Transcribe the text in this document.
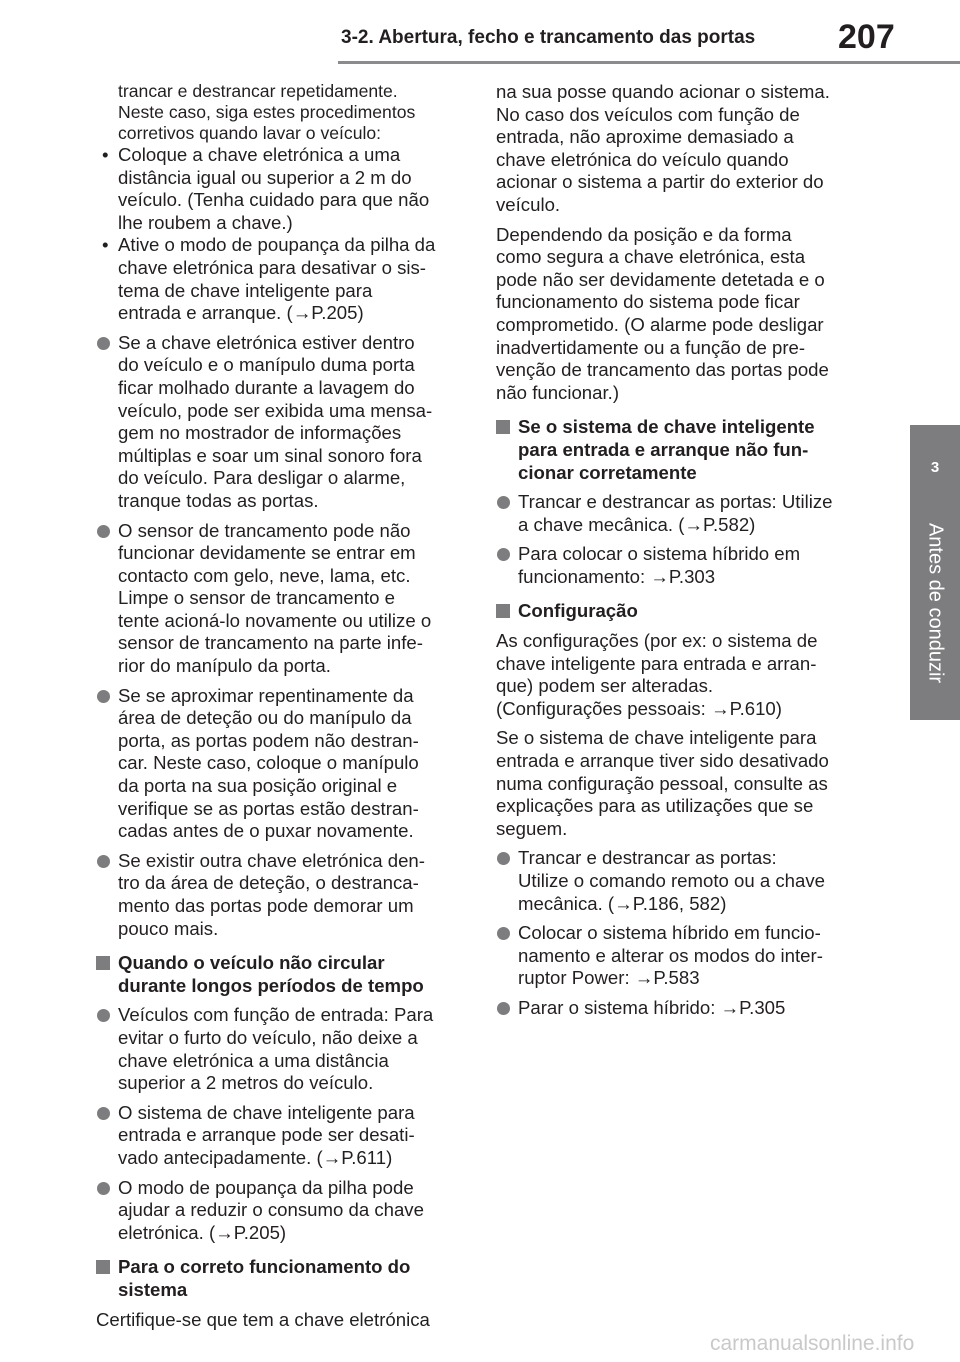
3-2. Abertura, fecho e trancamento das portas 207
3
Antes de conduzir
trancar e destrancar repetidamente.
Neste caso, siga estes procedimentos
corretivos quando lavar o veículo:
• Coloque a chave eletrónica a uma
distância igual ou superior a 2 m do
veículo. (Tenha cuidado para que não
lhe roubem a chave.)
• Ative o modo de poupança da pilha da
chave eletrónica para desativar o sis-
tema de chave inteligente para
entrada e arranque. (→P.205)
Se a chave eletrónica estiver dentro
do veículo e o manípulo duma porta
ficar molhado durante a lavagem do
veículo, pode ser exibida uma mensa-
gem no mostrador de informações
múltiplas e soar um sinal sonoro fora
do veículo. Para desligar o alarme,
tranque todas as portas.
O sensor de trancamento pode não
funcionar devidamente se entrar em
contacto com gelo, neve, lama, etc.
Limpe o sensor de trancamento e
tente acioná-lo novamente ou utilize o
sensor de trancamento na parte infe-
rior do manípulo da porta.
Se se aproximar repentinamente da
área de deteção ou do manípulo da
porta, as portas podem não destran-
car. Neste caso, coloque o manípulo
da porta na sua posição original e
verifique se as portas estão destran-
cadas antes de o puxar novamente.
Se existir outra chave eletrónica den-
tro da área de deteção, o destranca-
mento das portas pode demorar um
pouco mais.
Quando o veículo não circular
durante longos períodos de tempo
Veículos com função de entrada: Para
evitar o furto do veículo, não deixe a
chave eletrónica a uma distância
superior a 2 metros do veículo.
O sistema de chave inteligente para
entrada e arranque pode ser desati-
vado antecipadamente. (→P.611)
O modo de poupança da pilha pode
ajudar a reduzir o consumo da chave
eletrónica. (→P.205)
Para o correto funcionamento do
sistema
Certifique-se que tem a chave eletrónica
na sua posse quando acionar o sistema.
No caso dos veículos com função de
entrada, não aproxime demasiado a
chave eletrónica do veículo quando
acionar o sistema a partir do exterior do
veículo.
Dependendo da posição e da forma
como segura a chave eletrónica, esta
pode não ser devidamente detetada e o
funcionamento do sistema pode ficar
comprometido. (O alarme pode desligar
inadvertidamente ou a função de pre-
venção de trancamento das portas pode
não funcionar.)
Se o sistema de chave inteligente
para entrada e arranque não fun-
cionar corretamente
Trancar e destrancar as portas: Utilize
a chave mecânica. (→P.582)
Para colocar o sistema híbrido em
funcionamento: →P.303
Configuração
As configurações (por ex: o sistema de
chave inteligente para entrada e arran-
que) podem ser alteradas.
(Configurações pessoais: →P.610)
Se o sistema de chave inteligente para
entrada e arranque tiver sido desativado
numa configuração pessoal, consulte as
explicações para as utilizações que se
seguem.
Trancar e destrancar as portas:
Utilize o comando remoto ou a chave
mecânica. (→P.186, 582)
Colocar o sistema híbrido em funcio-
namento e alterar os modos do inter-
ruptor Power: →P.583
Parar o sistema híbrido: →P.305
carmanualsonline.info
